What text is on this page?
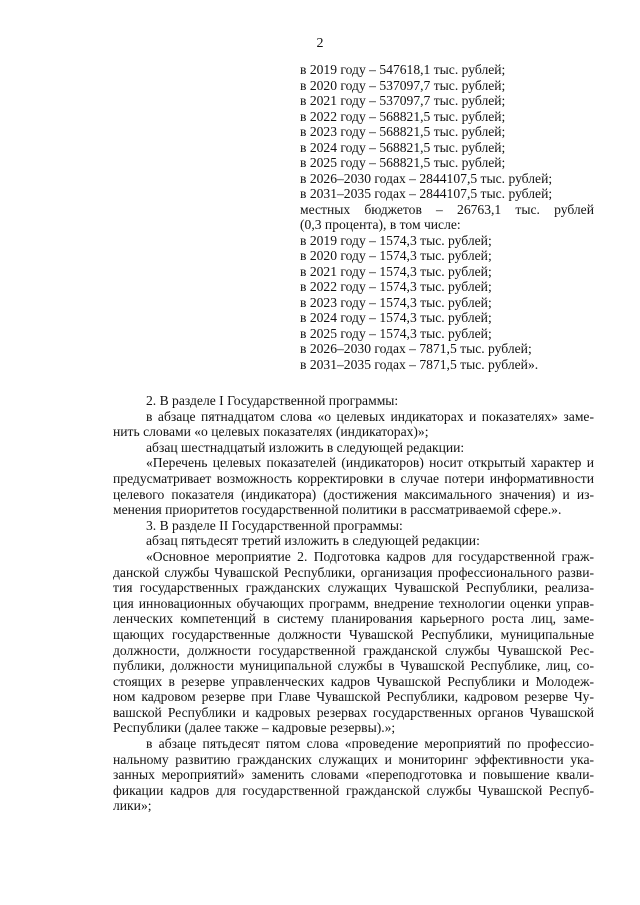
2
в 2019 году – 547618,1 тыс. рублей;
в 2020 году – 537097,7 тыс. рублей;
в 2021 году – 537097,7 тыс. рублей;
в 2022 году – 568821,5 тыс. рублей;
в 2023 году – 568821,5 тыс. рублей;
в 2024 году – 568821,5 тыс. рублей;
в 2025 году – 568821,5 тыс. рублей;
в 2026–2030 годах – 2844107,5 тыс. рублей;
в 2031–2035 годах – 2844107,5 тыс. рублей;
местных бюджетов – 26763,1 тыс. рублей
(0,3 процента), в том числе:
в 2019 году – 1574,3 тыс. рублей;
в 2020 году – 1574,3 тыс. рублей;
в 2021 году – 1574,3 тыс. рублей;
в 2022 году – 1574,3 тыс. рублей;
в 2023 году – 1574,3 тыс. рублей;
в 2024 году – 1574,3 тыс. рублей;
в 2025 году – 1574,3 тыс. рублей;
в 2026–2030 годах – 7871,5 тыс. рублей;
в 2031–2035 годах – 7871,5 тыс. рублей».
2. В разделе I Государственной программы:
в абзаце пятнадцатом слова «о целевых индикаторах и показателях» заме-
нить словами «о целевых показателях (индикаторах)»;
абзац шестнадцатый изложить в следующей редакции:
«Перечень целевых показателей (индикаторов) носит открытый характер и
предусматривает возможность корректировки в случае потери информативности
целевого показателя (индикатора) (достижения максимального значения) и из-
менения приоритетов государственной политики в рассматриваемой сфере.».
3. В разделе II Государственной программы:
абзац пятьдесят третий изложить в следующей редакции:
«Основное мероприятие 2. Подготовка кадров для государственной граж-
данской службы Чувашской Республики, организация профессионального разви-
тия государственных гражданских служащих Чувашской Республики, реализа-
ция инновационных обучающих программ, внедрение технологии оценки управ-
ленческих компетенций в систему планирования карьерного роста лиц, заме-
щающих государственные должности Чувашской Республики, муниципальные
должности, должности государственной гражданской службы Чувашской Рес-
публики, должности муниципальной службы в Чувашской Республике, лиц, со-
стоящих в резерве управленческих кадров Чувашской Республики и Молодеж-
ном кадровом резерве при Главе Чувашской Республики, кадровом резерве Чу-
вашской Республики и кадровых резервах государственных органов Чувашской
Республики (далее также – кадровые резервы).»;
в абзаце пятьдесят пятом слова «проведение мероприятий по профессио-
нальному развитию гражданских служащих и мониторинг эффективности ука-
занных мероприятий» заменить словами «переподготовка и повышение квали-
фикации кадров для государственной гражданской службы Чувашской Респуб-
лики»;
